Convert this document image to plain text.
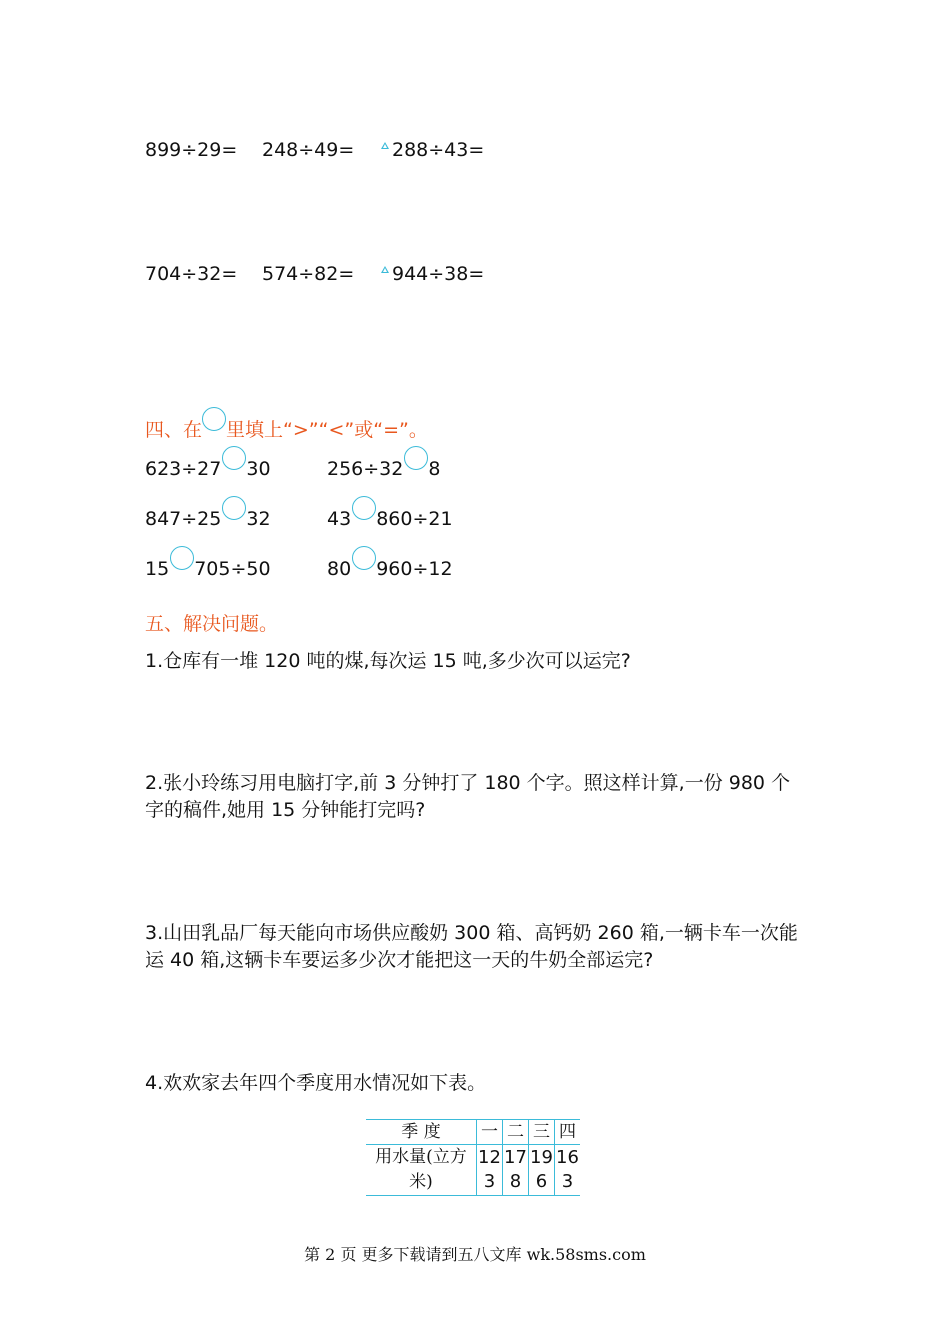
899÷29= 248÷49=	288÷43=
704÷32= 574÷82=	944÷38=
四、在 里填上“>”“<”或“=”。
623÷27 30	256÷32 8
847÷25 32	43 860÷21
15 705÷50	80 960÷12
五、解决问题。
1.仓库有一堆 120 吨的煤,每次运 15 吨,多少次可以运完?
2.张小玲练习用电脑打字,前 3 分钟打了 180 个字。照这样计算,一份 980 个字的稿件,她用 15 分钟能打完吗?
3.山田乳品厂每天能向市场供应酸奶 300 箱、高钙奶 260 箱,一辆卡车一次能运 40 箱,这辆卡车要运多少次才能把这一天的牛奶全部运完?
4.欢欢家去年四个季度用水情况如下表。
季 度	一	二	三	四
用水量(立方米)	123	178	196	163
第 2 页 更多下载请到五八文库 wk.58sms.com
